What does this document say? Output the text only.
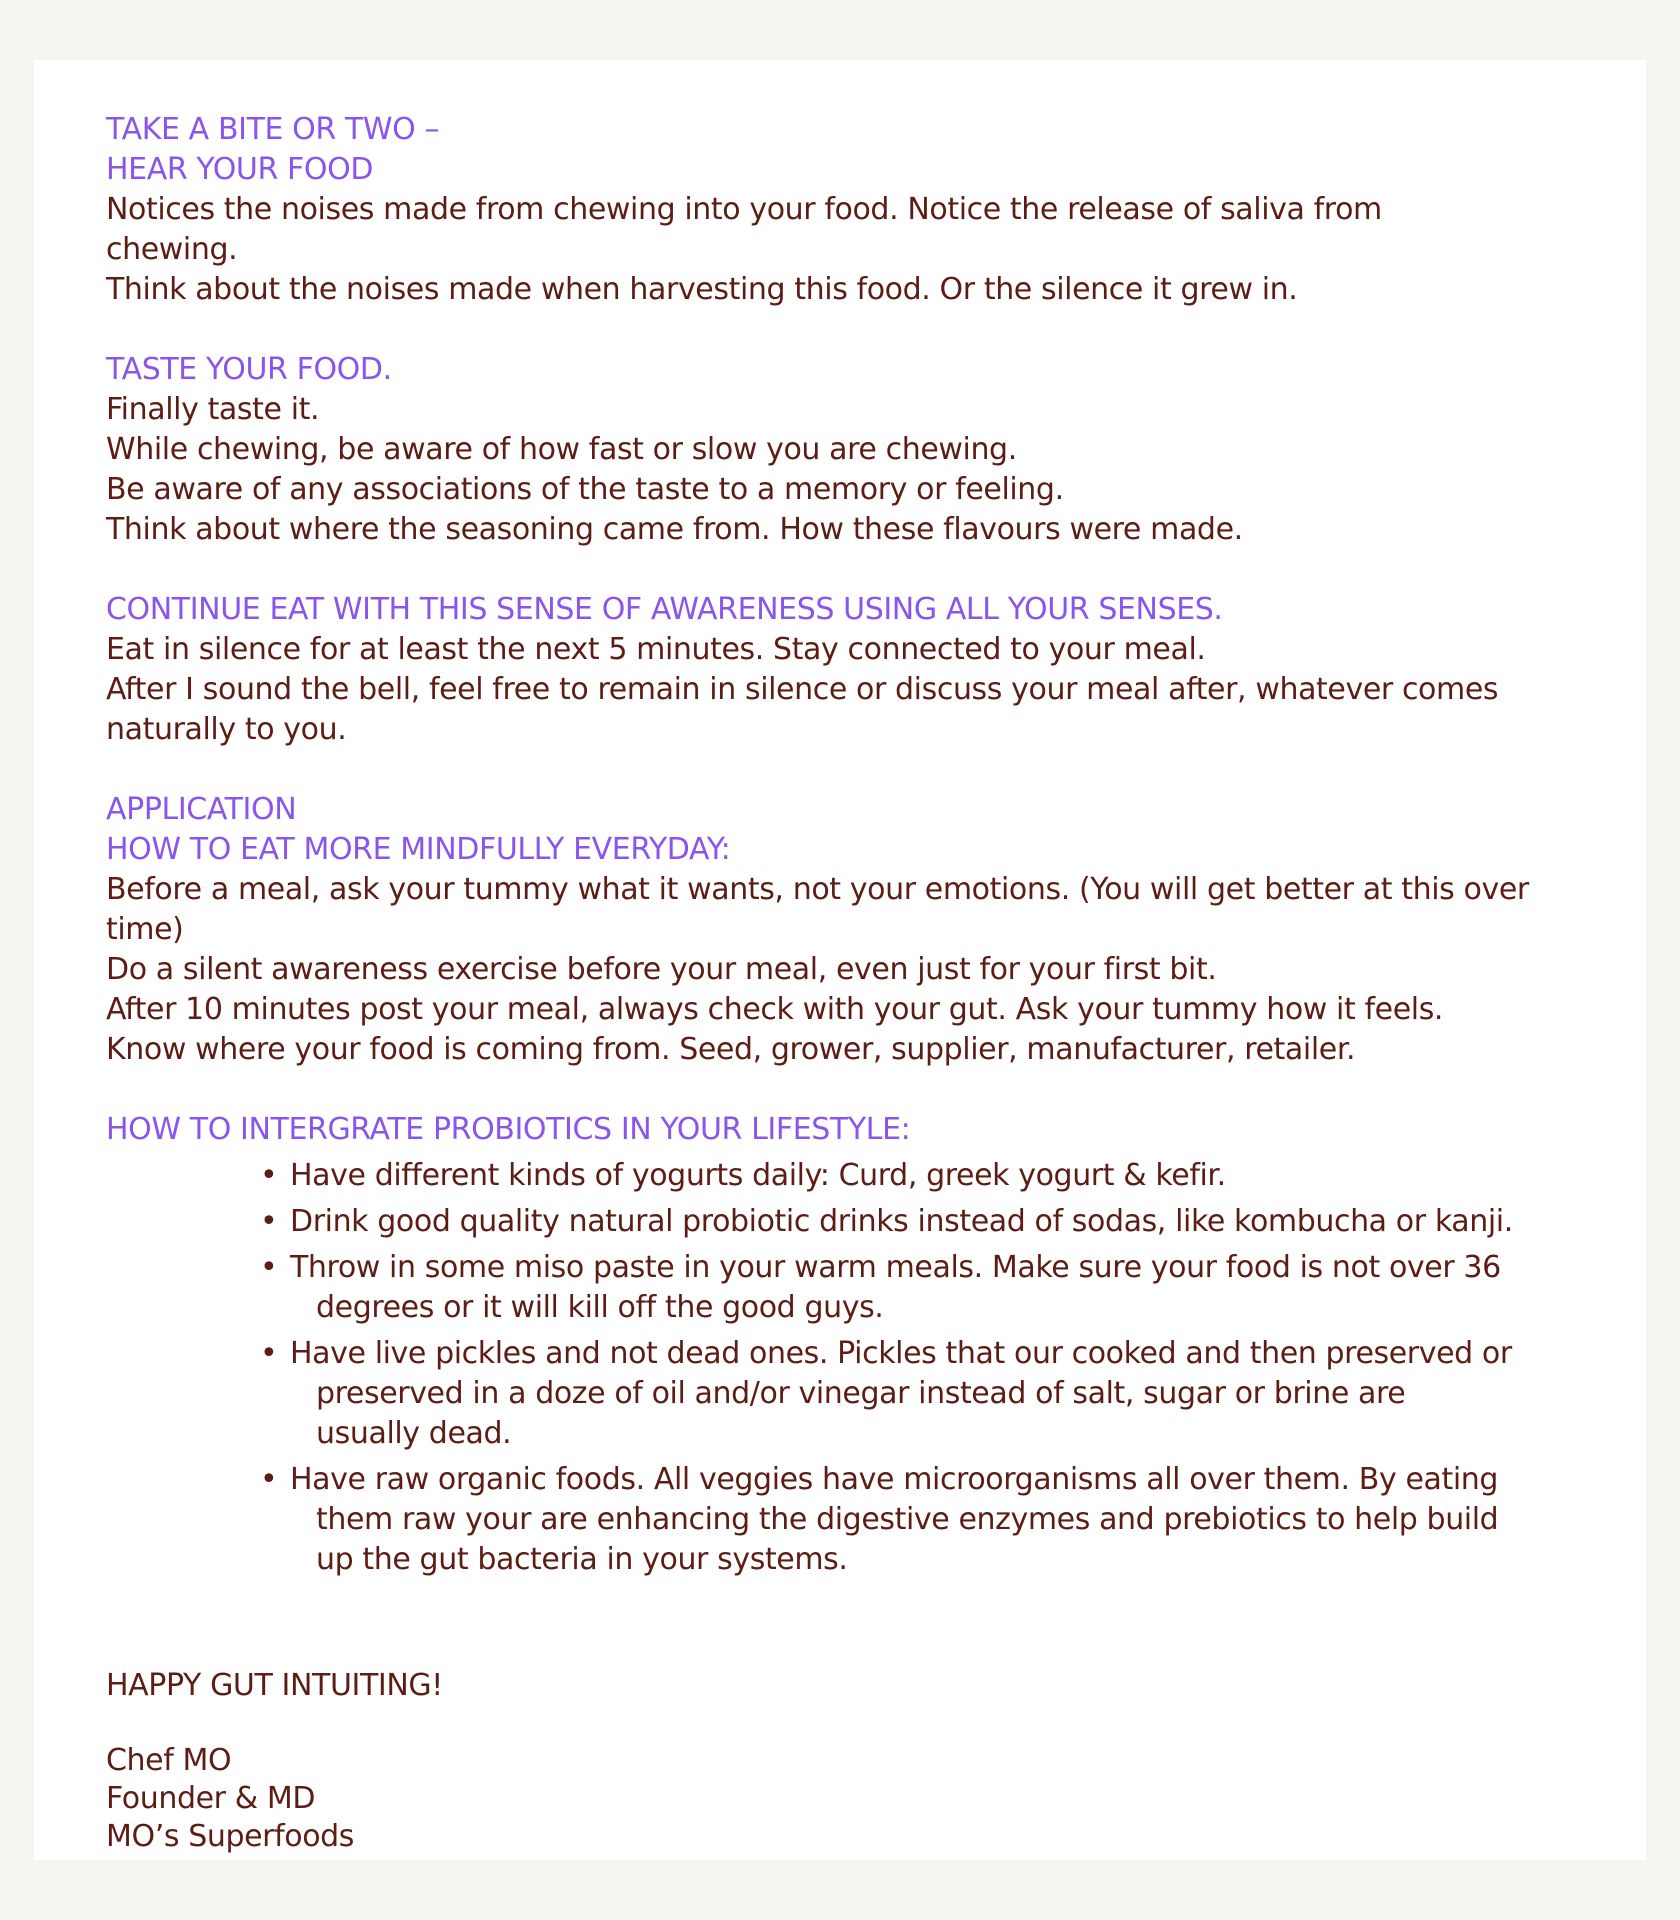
TAKE A BITE OR TWO –
HEAR YOUR FOOD
Notices the noises made from chewing into your food. Notice the release of saliva from
chewing.
Think about the noises made when harvesting this food. Or the silence it grew in.
TASTE YOUR FOOD.
Finally taste it.
While chewing, be aware of how fast or slow you are chewing.
Be aware of any associations of the taste to a memory or feeling.
Think about where the seasoning came from. How these flavours were made.
CONTINUE EAT WITH THIS SENSE OF AWARENESS USING ALL YOUR SENSES.
Eat in silence for at least the next 5 minutes. Stay connected to your meal.
After I sound the bell, feel free to remain in silence or discuss your meal after, whatever comes
naturally to you.
APPLICATION
HOW TO EAT MORE MINDFULLY EVERYDAY:
Before a meal, ask your tummy what it wants, not your emotions. (You will get better at this over
time)
Do a silent awareness exercise before your meal, even just for your first bit.
After 10 minutes post your meal, always check with your gut. Ask your tummy how it feels.
Know where your food is coming from. Seed, grower, supplier, manufacturer, retailer.
HOW TO INTERGRATE PROBIOTICS IN YOUR LIFESTYLE:
• Have different kinds of yogurts daily: Curd, greek yogurt & kefir.
• Drink good quality natural probiotic drinks instead of sodas, like kombucha or kanji.
• Throw in some miso paste in your warm meals. Make sure your food is not over 36
degrees or it will kill off the good guys.
• Have live pickles and not dead ones. Pickles that our cooked and then preserved or
preserved in a doze of oil and/or vinegar instead of salt, sugar or brine are
usually dead.
• Have raw organic foods. All veggies have microorganisms all over them. By eating
them raw your are enhancing the digestive enzymes and prebiotics to help build
up the gut bacteria in your systems.
HAPPY GUT INTUITING!
Chef MO
Founder & MD
MO’s Superfoods
